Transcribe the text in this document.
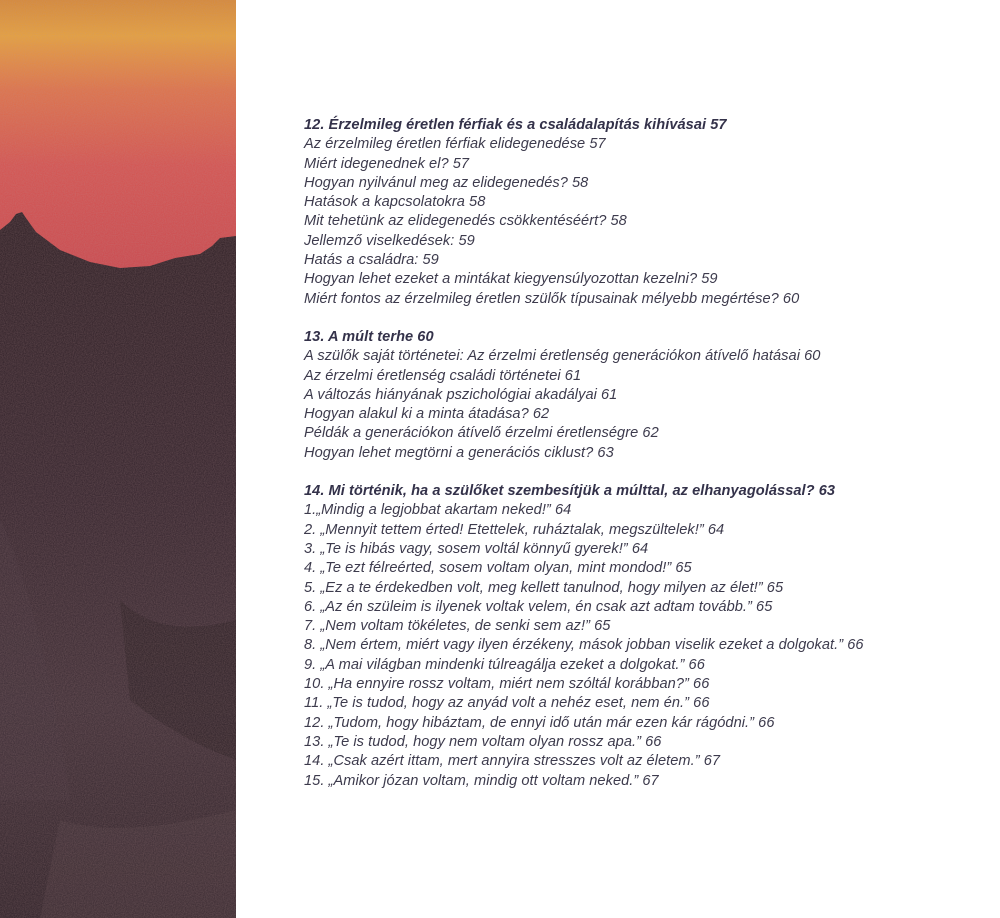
12. Érzelmileg éretlen férfiak és a családalapítás kihívásai 57
Az érzelmileg éretlen férfiak elidegenedése 57
Miért idegenednek el? 57
Hogyan nyilvánul meg az elidegenedés? 58
Hatások a kapcsolatokra 58
Mit tehetünk az elidegenedés csökkentéséért? 58
Jellemző viselkedések: 59
Hatás a családra: 59
Hogyan lehet ezeket a mintákat kiegyensúlyozottan kezelni? 59
Miért fontos az érzelmileg éretlen szülők típusainak mélyebb megértése? 60
13. A múlt terhe 60
A szülők saját történetei: Az érzelmi éretlenség generációkon átívelő hatásai 60
Az érzelmi éretlenség családi történetei 61
A változás hiányának pszichológiai akadályai 61
Hogyan alakul ki a minta átadása? 62
Példák a generációkon átívelő érzelmi éretlenségre 62
Hogyan lehet megtörni a generációs ciklust? 63
14. Mi történik, ha a szülőket szembesítjük a múlttal, az elhanyagolással? 63
1.„Mindig a legjobbat akartam neked!” 64
2. „Mennyit tettem érted! Etettelek, ruháztalak, megszültelek!” 64
3. „Te is hibás vagy, sosem voltál könnyű gyerek!” 64
4. „Te ezt félreérted, sosem voltam olyan, mint mondod!” 65
5. „Ez a te érdekedben volt, meg kellett tanulnod, hogy milyen az élet!” 65
6. „Az én szüleim is ilyenek voltak velem, én csak azt adtam tovább.” 65
7. „Nem voltam tökéletes, de senki sem az!” 65
8. „Nem értem, miért vagy ilyen érzékeny, mások jobban viselik ezeket a dolgokat.” 66
9. „A mai világban mindenki túlreagálja ezeket a dolgokat.” 66
10. „Ha ennyire rossz voltam, miért nem szóltál korábban?” 66
11. „Te is tudod, hogy az anyád volt a nehéz eset, nem én.” 66
12. „Tudom, hogy hibáztam, de ennyi idő után már ezen kár rágódni.” 66
13. „Te is tudod, hogy nem voltam olyan rossz apa.” 66
14. „Csak azért ittam, mert annyira stresszes volt az életem.” 67
15. „Amikor józan voltam, mindig ott voltam neked.” 67
